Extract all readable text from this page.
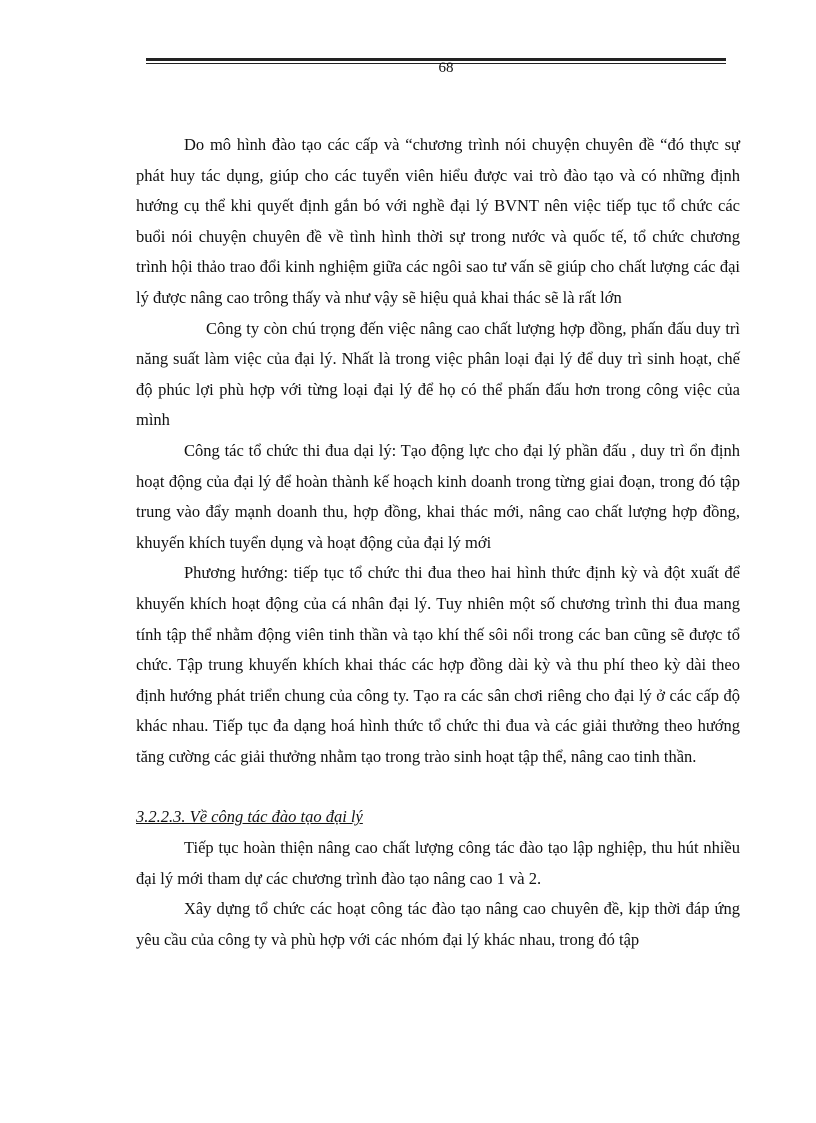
68

Do mô hình đào tạo các cấp và “chương trình nói chuyện chuyên đề “đó thực sự phát huy tác dụng, giúp cho các tuyển viên hiểu được vai trò đào tạo và có những định hướng cụ thể khi quyết định gắn bó với nghề đại lý BVNT nên việc tiếp tục tổ chức các buổi nói chuyện chuyên đề về tình hình thời sự trong nước và quốc tế, tổ chức chương trình hội thảo trao đổi kinh nghiệm giữa các ngôi sao tư vấn sẽ giúp cho chất lượng các đại lý được nâng cao trông thấy và như vậy sẽ hiệu quả khai thác sẽ là rất lớn

Công ty còn chú trọng đến việc nâng cao chất lượng hợp đồng, phấn đấu duy trì năng suất làm việc của đại lý. Nhất là trong việc phân loại đại lý để duy trì sinh hoạt, chế độ phúc lợi phù hợp với từng loại đại lý để họ có thể phấn đấu hơn trong công việc của mình

Công tác tổ chức thi đua dại lý: Tạo động lực cho đại lý phần đấu , duy trì ổn định hoạt động của đại lý để hoàn thành kế hoạch kinh doanh trong từng giai đoạn, trong đó tập trung vào đẩy mạnh doanh thu, hợp đồng, khai thác mới, nâng cao chất lượng hợp đồng, khuyến khích tuyển dụng và hoạt động của đại lý mới

Phương hướng: tiếp tục tổ chức thi đua theo hai hình thức định kỳ và đột xuất để khuyến khích hoạt động của cá nhân đại lý. Tuy nhiên một số chương trình thi đua mang tính tập thể nhằm động viên tinh thần và tạo khí thế sôi nổi trong các ban cũng sẽ được tổ chức. Tập trung khuyến khích khai thác các hợp đồng dài kỳ và thu phí theo kỳ dài theo định hướng phát triển chung của công ty. Tạo ra các sân chơi riêng cho đại lý ở các cấp độ khác nhau. Tiếp tục đa dạng hoá hình thức tổ chức thi đua và các giải thưởng theo hướng tăng cường các giải thưởng nhằm tạo trong trào sinh hoạt tập thể, nâng cao tinh thần.

3.2.2.3. Về công tác đào tạo đại lý

Tiếp tục hoàn thiện nâng cao chất lượng công tác đào tạo lập nghiệp, thu hút nhiều đại lý mới tham dự các chương trình đào tạo nâng cao 1 và 2.

Xây dựng tổ chức các hoạt công tác đào tạo nâng cao chuyên đề, kịp thời đáp ứng yêu cầu của công ty và phù hợp với các nhóm đại lý khác nhau, trong đó tập
